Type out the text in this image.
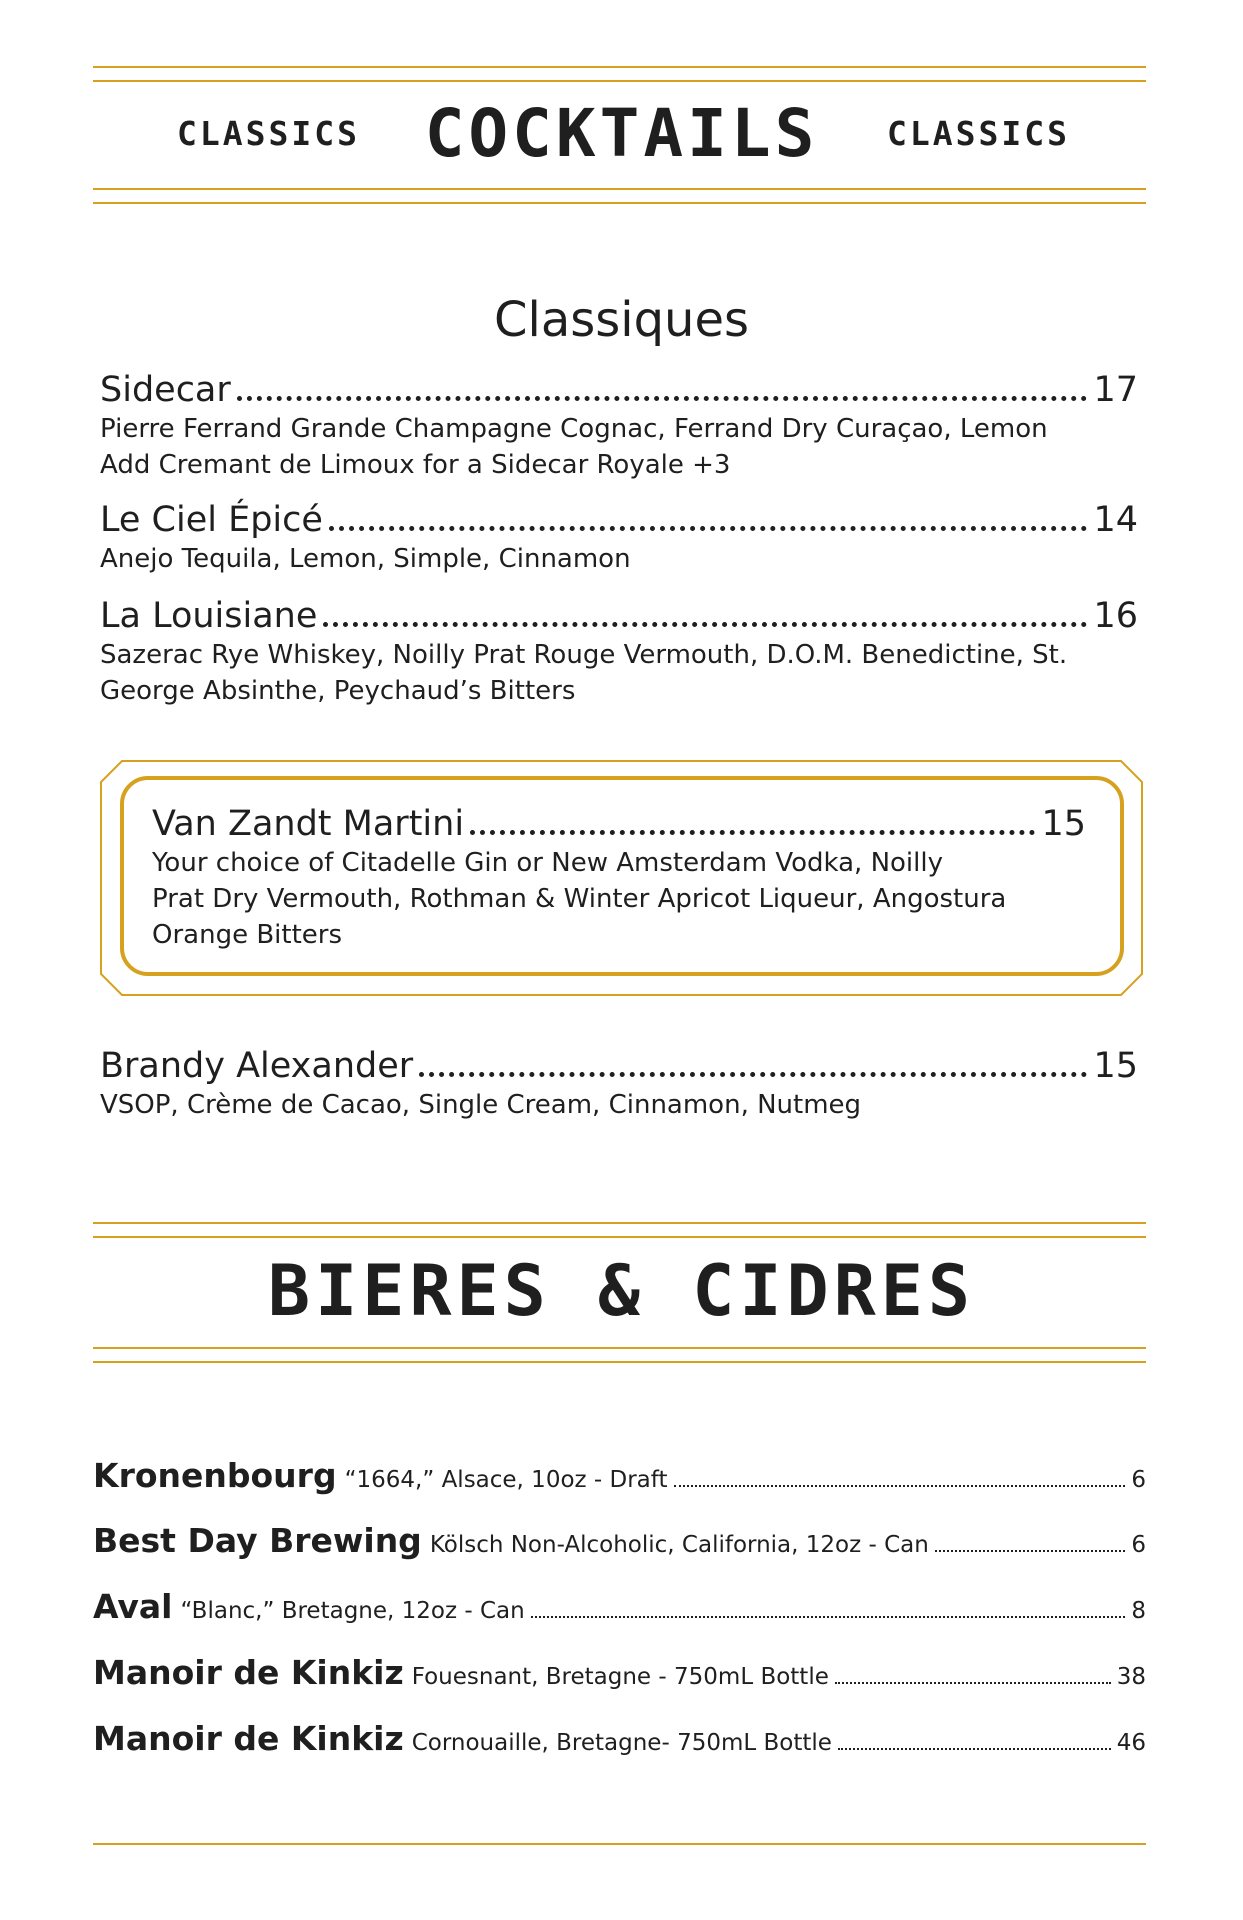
CLASSICS COCKTAILS	CLASSICS
Classiques
Sidecar	17
Pierre Ferrand Grande Champagne Cognac, Ferrand Dry Curaçao, Lemon
Add Cremant de Limoux for a Sidecar Royale +3
Le Ciel Épicé	14
Anejo Tequila, Lemon, Simple, Cinnamon
La Louisiane	16
Sazerac Rye Whiskey, Noilly Prat Rouge Vermouth, D.O.M. Benedictine, St.
George Absinthe, Peychaud’s Bitters
Van Zandt Martini	15
Your choice of Citadelle Gin or New Amsterdam Vodka, Noilly
Prat Dry Vermouth, Rothman & Winter Apricot Liqueur, Angostura
Orange Bitters
Brandy Alexander	15
VSOP, Crème de Cacao, Single Cream, Cinnamon, Nutmeg
BIERES & CIDRES
Kronenbourg “1664,” Alsace, 10oz - Draft	6
Best Day Brewing Kölsch Non-Alcoholic, California, 12oz - Can	6
Aval “Blanc,” Bretagne, 12oz - Can	8
Manoir de Kinkiz Fouesnant, Bretagne - 750mL Bottle	38
Manoir de Kinkiz Cornouaille, Bretagne- 750mL Bottle	46
